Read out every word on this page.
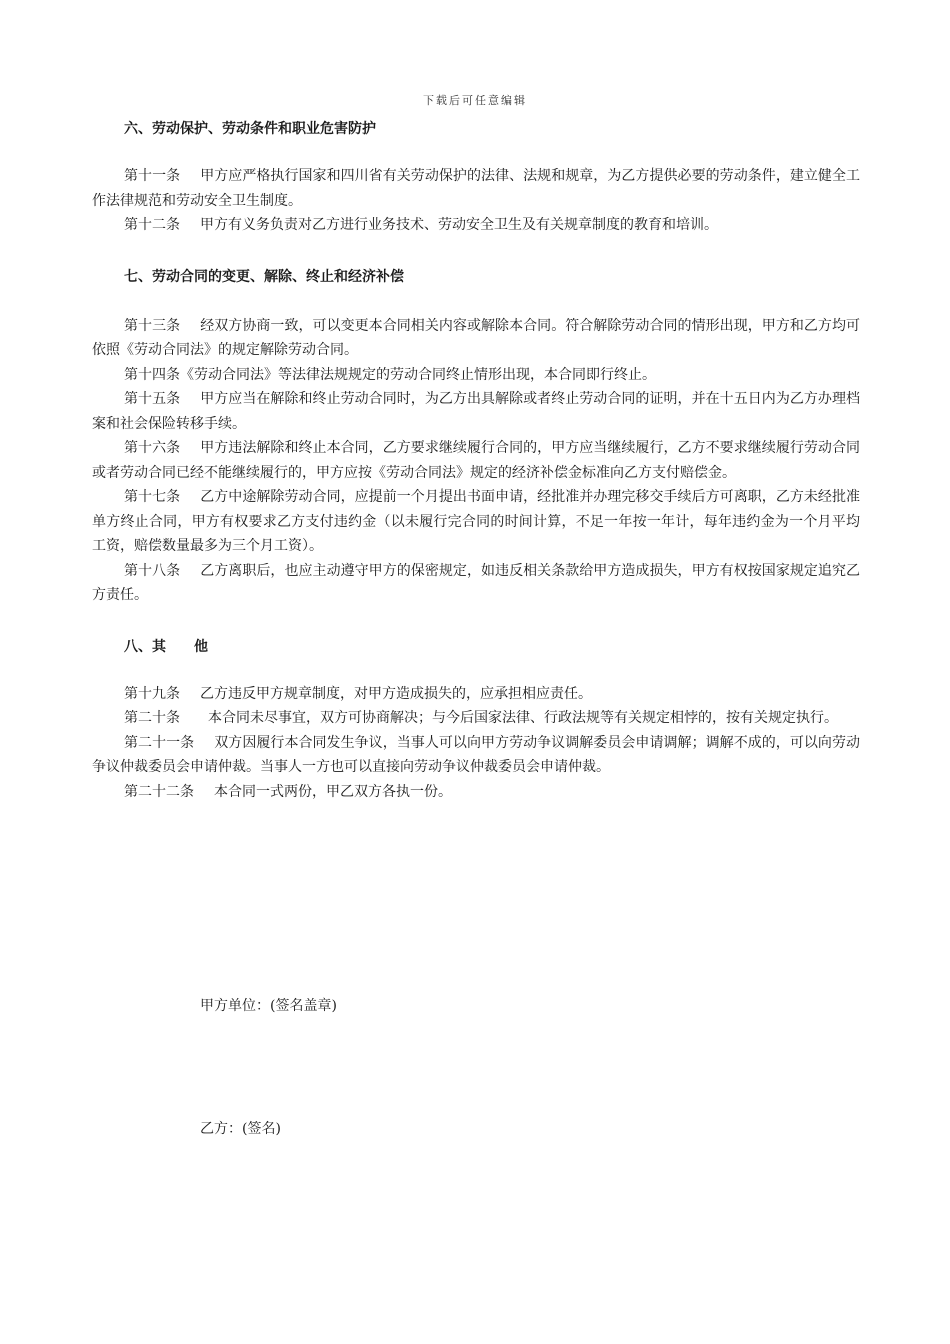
下载后可任意编辑
六、劳动保护、劳动条件和职业危害防护

第十一条 甲方应严格执行国家和四川省有关劳动保护的法律、法规和规章，为乙方提供必要的劳动条件，建立健全工作法律规范和劳动安全卫生制度。

第十二条 甲方有义务负责对乙方进行业务技术、劳动安全卫生及有关规章制度的教育和培训。

七、劳动合同的变更、解除、终止和经济补偿

第十三条 经双方协商一致，可以变更本合同相关内容或解除本合同。符合解除劳动合同的情形出现，甲方和乙方均可依照《劳动合同法》的规定解除劳动合同。

第十四条《劳动合同法》等法律法规规定的劳动合同终止情形出现，本合同即行终止。

第十五条 甲方应当在解除和终止劳动合同时，为乙方出具解除或者终止劳动合同的证明，并在十五日内为乙方办理档案和社会保险转移手续。

第十六条 甲方违法解除和终止本合同，乙方要求继续履行合同的，甲方应当继续履行，乙方不要求继续履行劳动合同或者劳动合同已经不能继续履行的，甲方应按《劳动合同法》规定的经济补偿金标准向乙方支付赔偿金。

第十七条 乙方中途解除劳动合同，应提前一个月提出书面申请，经批准并办理完移交手续后方可离职，乙方未经批准单方终止合同，甲方有权要求乙方支付违约金（以未履行完合同的时间计算，不足一年按一年计，每年违约金为一个月平均工资，赔偿数量最多为三个月工资）。

第十八条 乙方离职后，也应主动遵守甲方的保密规定，如违反相关条款给甲方造成损失，甲方有权按国家规定追究乙方责任。

八、其 他

第十九条 乙方违反甲方规章制度，对甲方造成损失的，应承担相应责任。

第二十条 本合同未尽事宜，双方可协商解决；与今后国家法律、行政法规等有关规定相悖的，按有关规定执行。

第二十一条 双方因履行本合同发生争议，当事人可以向甲方劳动争议调解委员会申请调解；调解不成的，可以向劳动争议仲裁委员会申请仲裁。当事人一方也可以直接向劳动争议仲裁委员会申请仲裁。

第二十二条 本合同一式两份，甲乙双方各执一份。

甲方单位：(签名盖章)
乙方：(签名)
